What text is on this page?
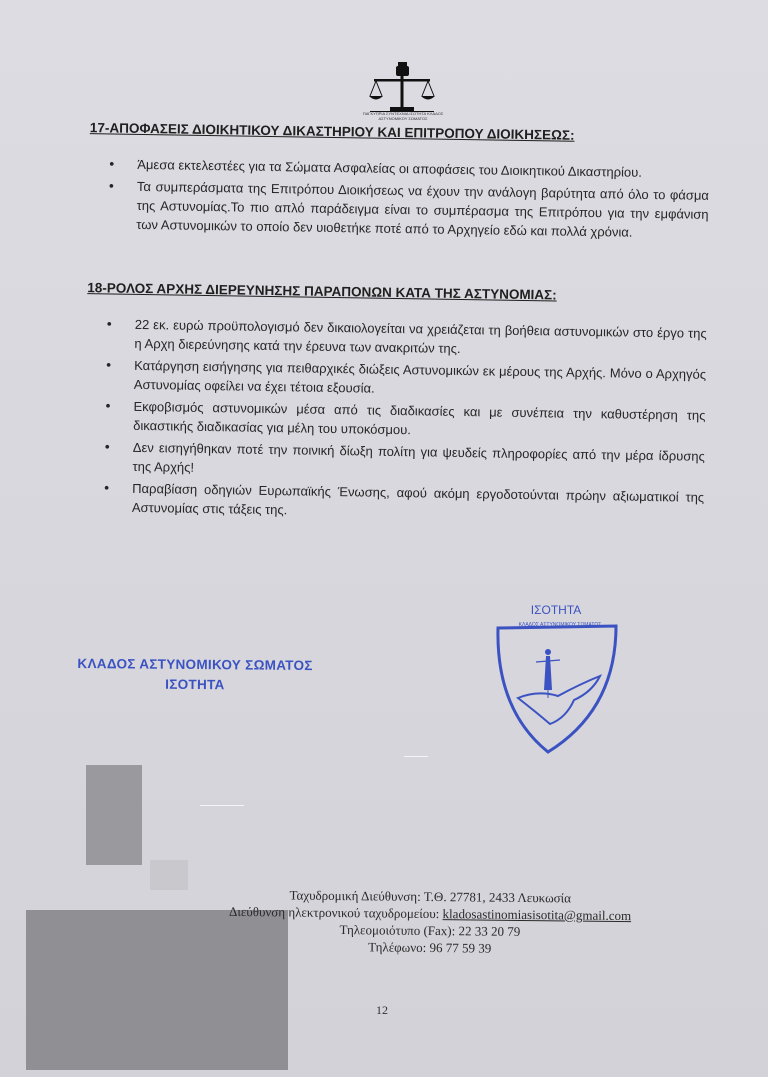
ΠΑΓΚΥΠΡΙΑ ΣΥΝΤΕΧΝΙΑ ΙΣΟΤΗΤΑ ΚΛΑΔΟΣ ΑΣΤΥΝΟΜΙΚΟΥ ΣΩΜΑΤΟΣ
17-ΑΠΟΦΑΣΕΙΣ ΔΙΟΙΚΗΤΙΚΟΥ ΔΙΚΑΣΤΗΡΙΟΥ ΚΑΙ ΕΠΙΤΡΟΠΟΥ ΔΙΟΙΚΗΣΕΩΣ:
• Άμεσα εκτελεστέες για τα Σώματα Ασφαλείας οι αποφάσεις του Διοικητικού Δικαστηρίου.
• Τα συμπεράσματα της Επιτρόπου Διοικήσεως να έχουν την ανάλογη βαρύτητα από όλο το φάσμα της Αστυνομίας.Το πιο απλό παράδειγμα είναι το συμπέρασμα της Επιτρόπου για την εμφάνιση των Αστυνομικών το οποίο δεν υιοθετήκε ποτέ από το Αρχηγείο εδώ και πολλά χρόνια.
18-ΡΟΛΟΣ ΑΡΧΗΣ ΔΙΕΡΕΥΝΗΣΗΣ ΠΑΡΑΠΟΝΩΝ ΚΑΤΑ ΤΗΣ ΑΣΤΥΝΟΜΙΑΣ:
• 22 εκ. ευρώ προϋπολογισμό δεν δικαιολογείται να χρειάζεται τη βοήθεια αστυνομικών στο έργο της η Αρχη διερεύνησης κατά την έρευνα των ανακριτών της.
• Κατάργηση εισήγησης για πειθαρχικές διώξεις Αστυνομικών εκ μέρους της Αρχής. Μόνο ο Αρχηγός Αστυνομίας οφείλει να έχει τέτοια εξουσία.
• Εκφοβισμός αστυνομικών μέσα από τις διαδικασίες και με συνέπεια την καθυστέρηση της δικαστικής διαδικασίας για μέλη του υποκόσμου.
• Δεν εισηγήθηκαν ποτέ την ποινική δίωξη πολίτη για ψευδείς πληροφορίες από την μέρα ίδρυσης της Αρχής!
• Παραβίαση οδηγιών Ευρωπαϊκής Ένωσης, αφού ακόμη εργοδοτούνται πρώην αξιωματικοί της Αστυνομίας στις τάξεις της.
ΚΛΑΔΟΣ ΑΣΤΥΝΟΜΙΚΟΥ ΣΩΜΑΤΟΣ
ΙΣΟΤΗΤΑ
ΙΣΟΤΗΤΑ
ΚΛΑΔΟΣ ΑΣΤΥΝΟΜΙΚΟΥ ΣΩΜΑΤΟΣ
Ταχυδρομική Διεύθυνση: Τ.Θ. 27781, 2433 Λευκωσία
Διεύθυνση ηλεκτρονικού ταχυδρομείου: kladosastinomiasisotita@gmail.com
Τηλεομοιότυπο (Fax): 22 33 20 79
Τηλέφωνο: 96 77 59 39
12
